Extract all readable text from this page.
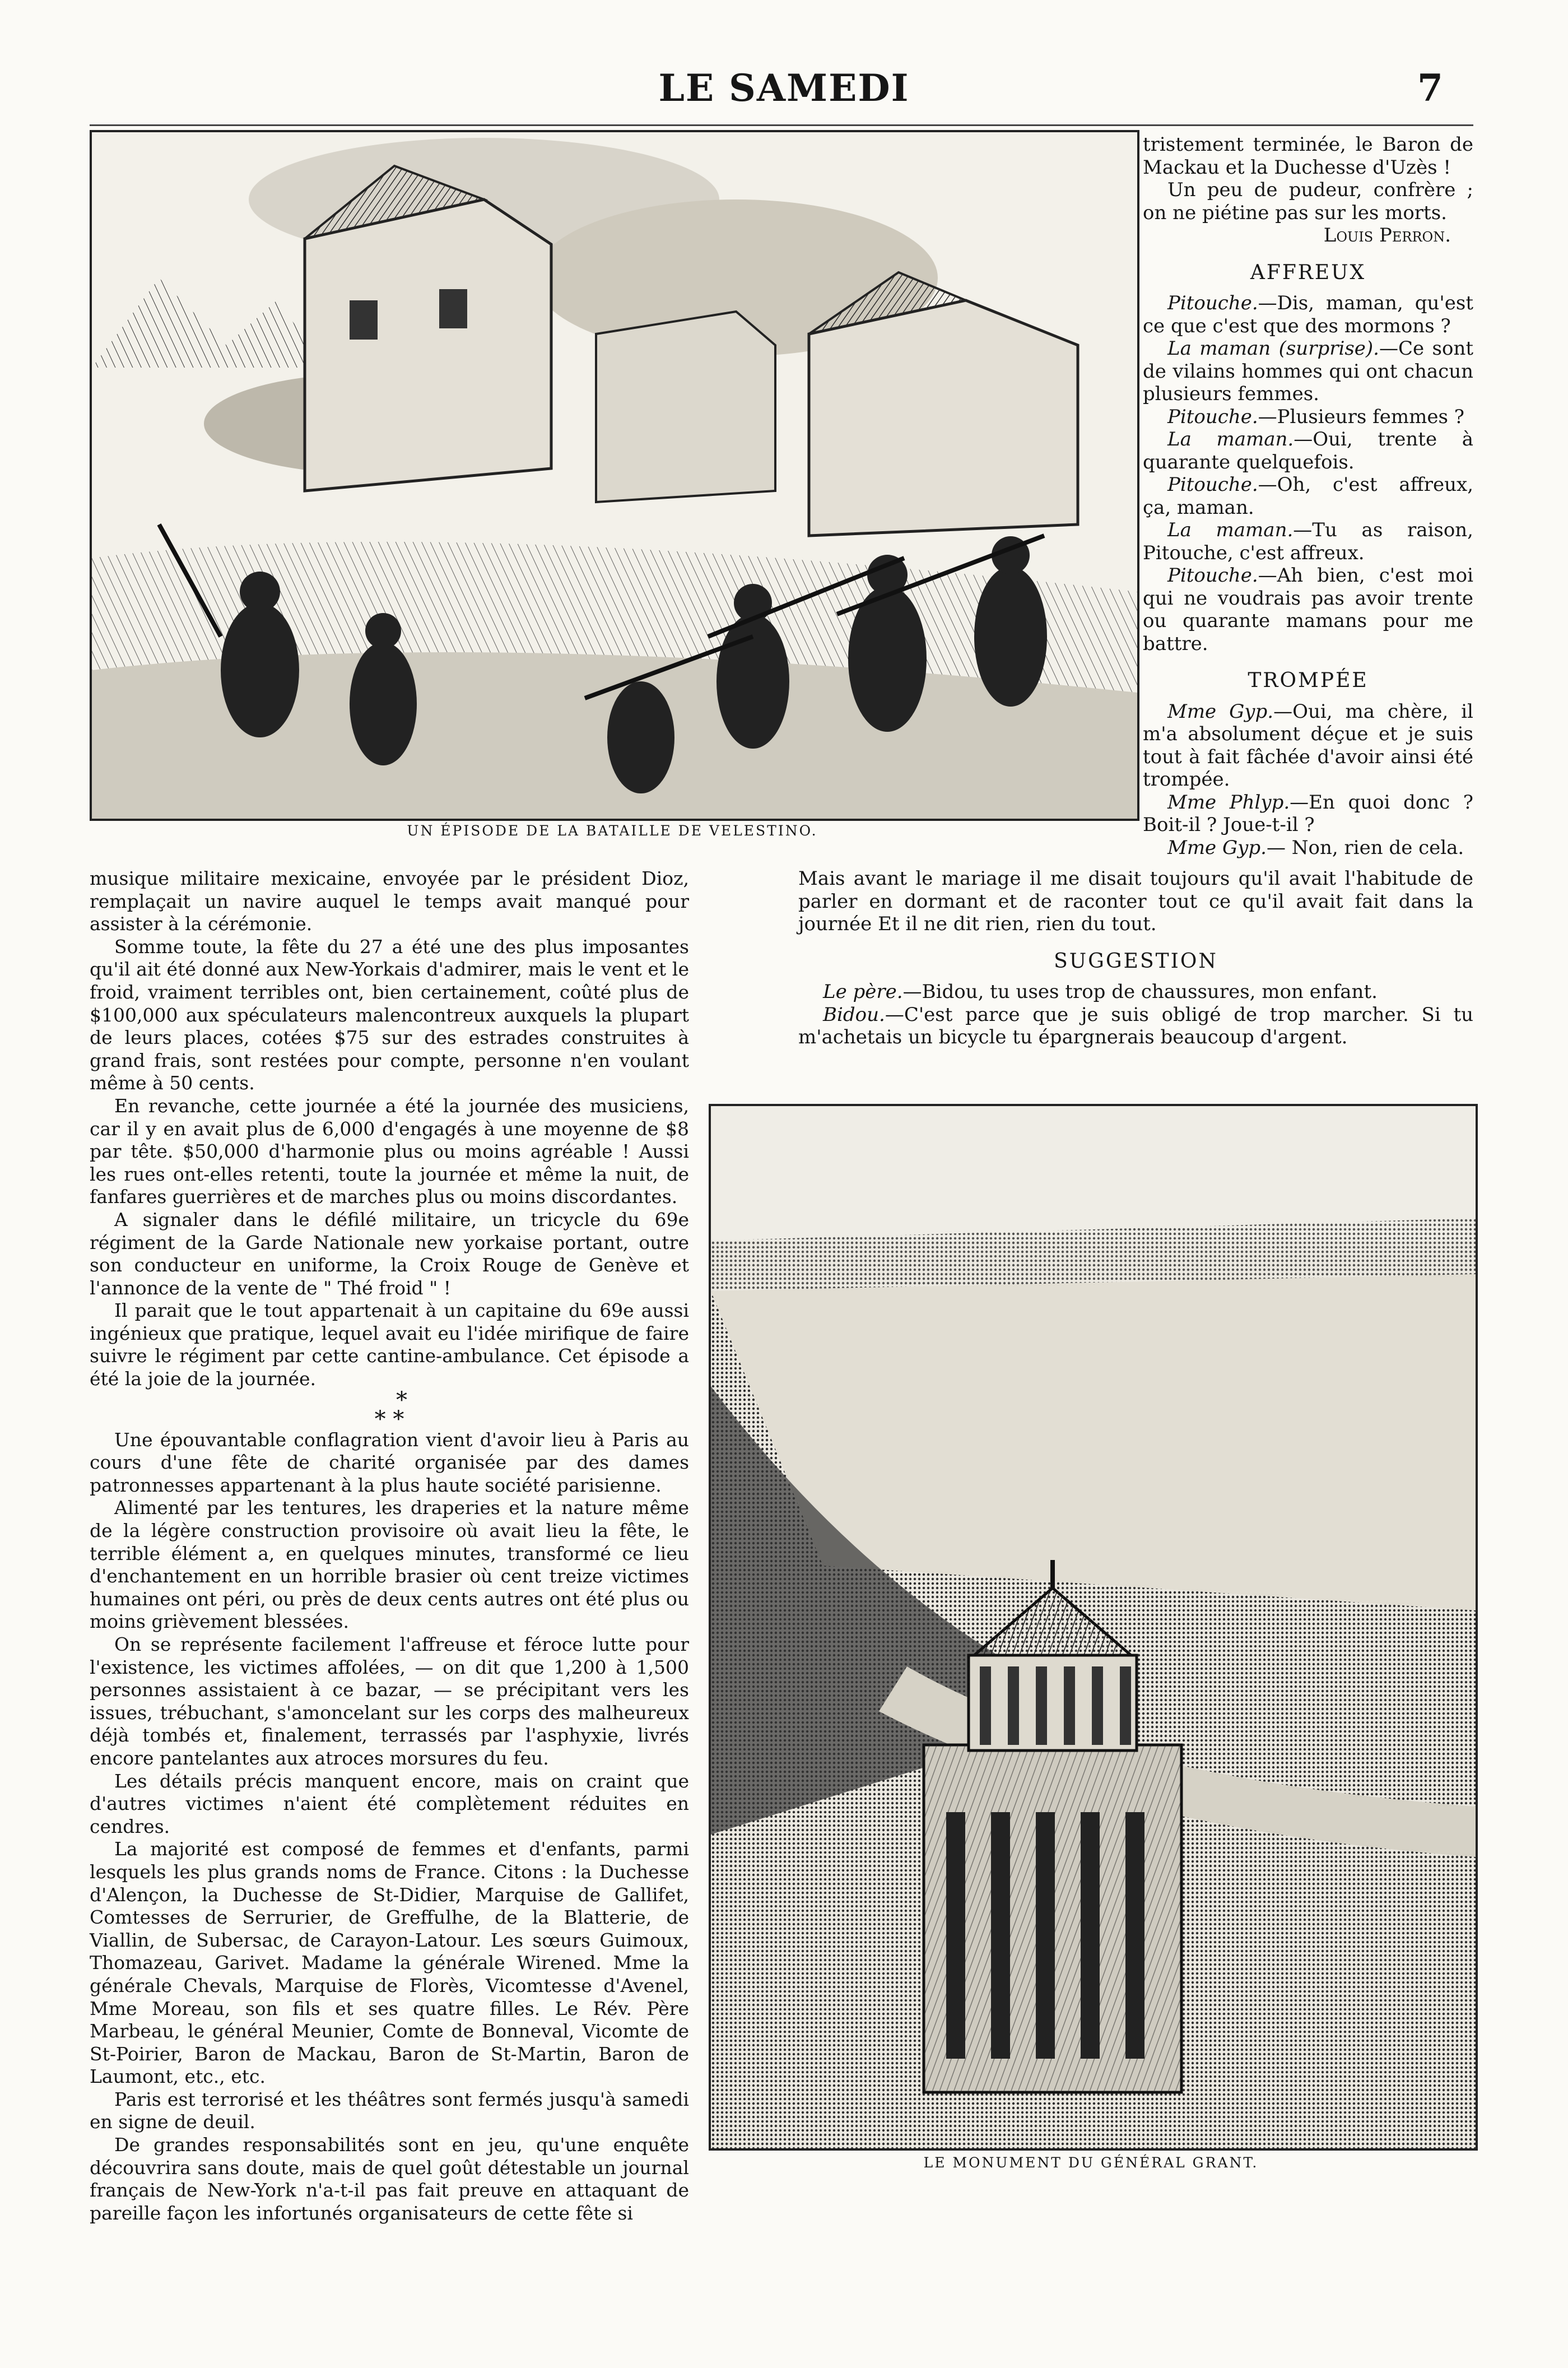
LE SAMEDI	7
UN ÉPISODE DE LA BATAILLE DE VELESTINO.

tristement terminée, le Baron de Mackau et la Duchesse d'Uzès !

Un peu de pudeur, confrère ; on ne piétine pas sur les morts.

Louis Perron.

AFFREUX

Pitouche.—Dis, maman, qu'est ce que c'est que des mormons ?

La maman (surprise).—Ce sont de vilains hommes qui ont chacun plusieurs femmes.

Pitouche.—Plusieurs femmes ?

La maman.—Oui, trente à quarante quelquefois.

Pitouche.—Oh, c'est affreux, ça, maman.

La maman.—Tu as raison, Pitouche, c'est affreux.

Pitouche.—Ah bien, c'est moi qui ne voudrais pas avoir trente ou quarante mamans pour me battre.

TROMPÉE

Mme Gyp.—Oui, ma chère, il m'a absolument déçue et je suis tout à fait fâchée d'avoir ainsi été trompée.

Mme Phlyp.—En quoi donc ? Boit-il ? Joue-t-il ?

Mme Gyp.— Non, rien de cela.

Mais avant le mariage il me disait toujours qu'il avait l'habitude de parler en dormant et de raconter tout ce qu'il avait fait dans la journée Et il ne dit rien, rien du tout.

SUGGESTION

Le père.—Bidou, tu uses trop de chaussures, mon enfant.

Bidou.—C'est parce que je suis obligé de trop marcher. Si tu m'achetais un bicycle tu épargnerais beaucoup d'argent.

LE MONUMENT DU GÉNÉRAL GRANT.

musique militaire mexicaine, envoyée par le président Dioz, remplaçait un navire auquel le temps avait manqué pour assister à la cérémonie.

Somme toute, la fête du 27 a été une des plus imposantes qu'il ait été donné aux New-Yorkais d'admirer, mais le vent et le froid, vraiment terribles ont, bien certainement, coûté plus de $100,000 aux spéculateurs malencontreux auxquels la plupart de leurs places, cotées $75 sur des estrades construites à grand frais, sont restées pour compte, personne n'en voulant même à 50 cents.

En revanche, cette journée a été la journée des musiciens, car il y en avait plus de 6,000 d'engagés à une moyenne de $8 par tête. $50,000 d'harmonie plus ou moins agréable ! Aussi les rues ont-elles retenti, toute la journée et même la nuit, de fanfares guerrières et de marches plus ou moins discordantes.

A signaler dans le défilé militaire, un tricycle du 69e régiment de la Garde Nationale new yorkaise portant, outre son conducteur en uniforme, la Croix Rouge de Genève et l'annonce de la vente de " Thé froid " !

Il parait que le tout appartenait à un capitaine du 69e aussi ingénieux que pratique, lequel avait eu l'idée mirifique de faire suivre le régiment par cette cantine-ambulance. Cet épisode a été la joie de la journée.

*
* *

Une épouvantable conflagration vient d'avoir lieu à Paris au cours d'une fête de charité organisée par des dames patronnesses appartenant à la plus haute société parisienne.

Alimenté par les tentures, les draperies et la nature même de la légère construction provisoire où avait lieu la fête, le terrible élément a, en quelques minutes, transformé ce lieu d'enchantement en un horrible brasier où cent treize victimes humaines ont péri, ou près de deux cents autres ont été plus ou moins grièvement blessées.

On se représente facilement l'affreuse et féroce lutte pour l'existence, les victimes affolées, — on dit que 1,200 à 1,500 personnes assistaient à ce bazar, — se précipitant vers les issues, trébuchant, s'amoncelant sur les corps des malheureux déjà tombés et, finalement, terrassés par l'asphyxie, livrés encore pantelantes aux atroces morsures du feu.

Les détails précis manquent encore, mais on craint que d'autres victimes n'aient été complètement réduites en cendres.

La majorité est composé de femmes et d'enfants, parmi lesquels les plus grands noms de France. Citons : la Duchesse d'Alençon, la Duchesse de St-Didier, Marquise de Gallifet, Comtesses de Serrurier, de Greffulhe, de la Blatterie, de Viallin, de Subersac, de Carayon-Latour. Les sœurs Guimoux, Thomazeau, Garivet. Madame la générale Wirened. Mme la générale Chevals, Marquise de Florès, Vicomtesse d'Avenel, Mme Moreau, son fils et ses quatre filles. Le Rév. Père Marbeau, le général Meunier, Comte de Bonneval, Vicomte de St-Poirier, Baron de Mackau, Baron de St-Martin, Baron de Laumont, etc., etc.

Paris est terrorisé et les théâtres sont fermés jusqu'à samedi en signe de deuil.

De grandes responsabilités sont en jeu, qu'une enquête découvrira sans doute, mais de quel goût détestable un journal français de New-York n'a-t-il pas fait preuve en attaquant de pareille façon les infortunés organisateurs de cette fête si
